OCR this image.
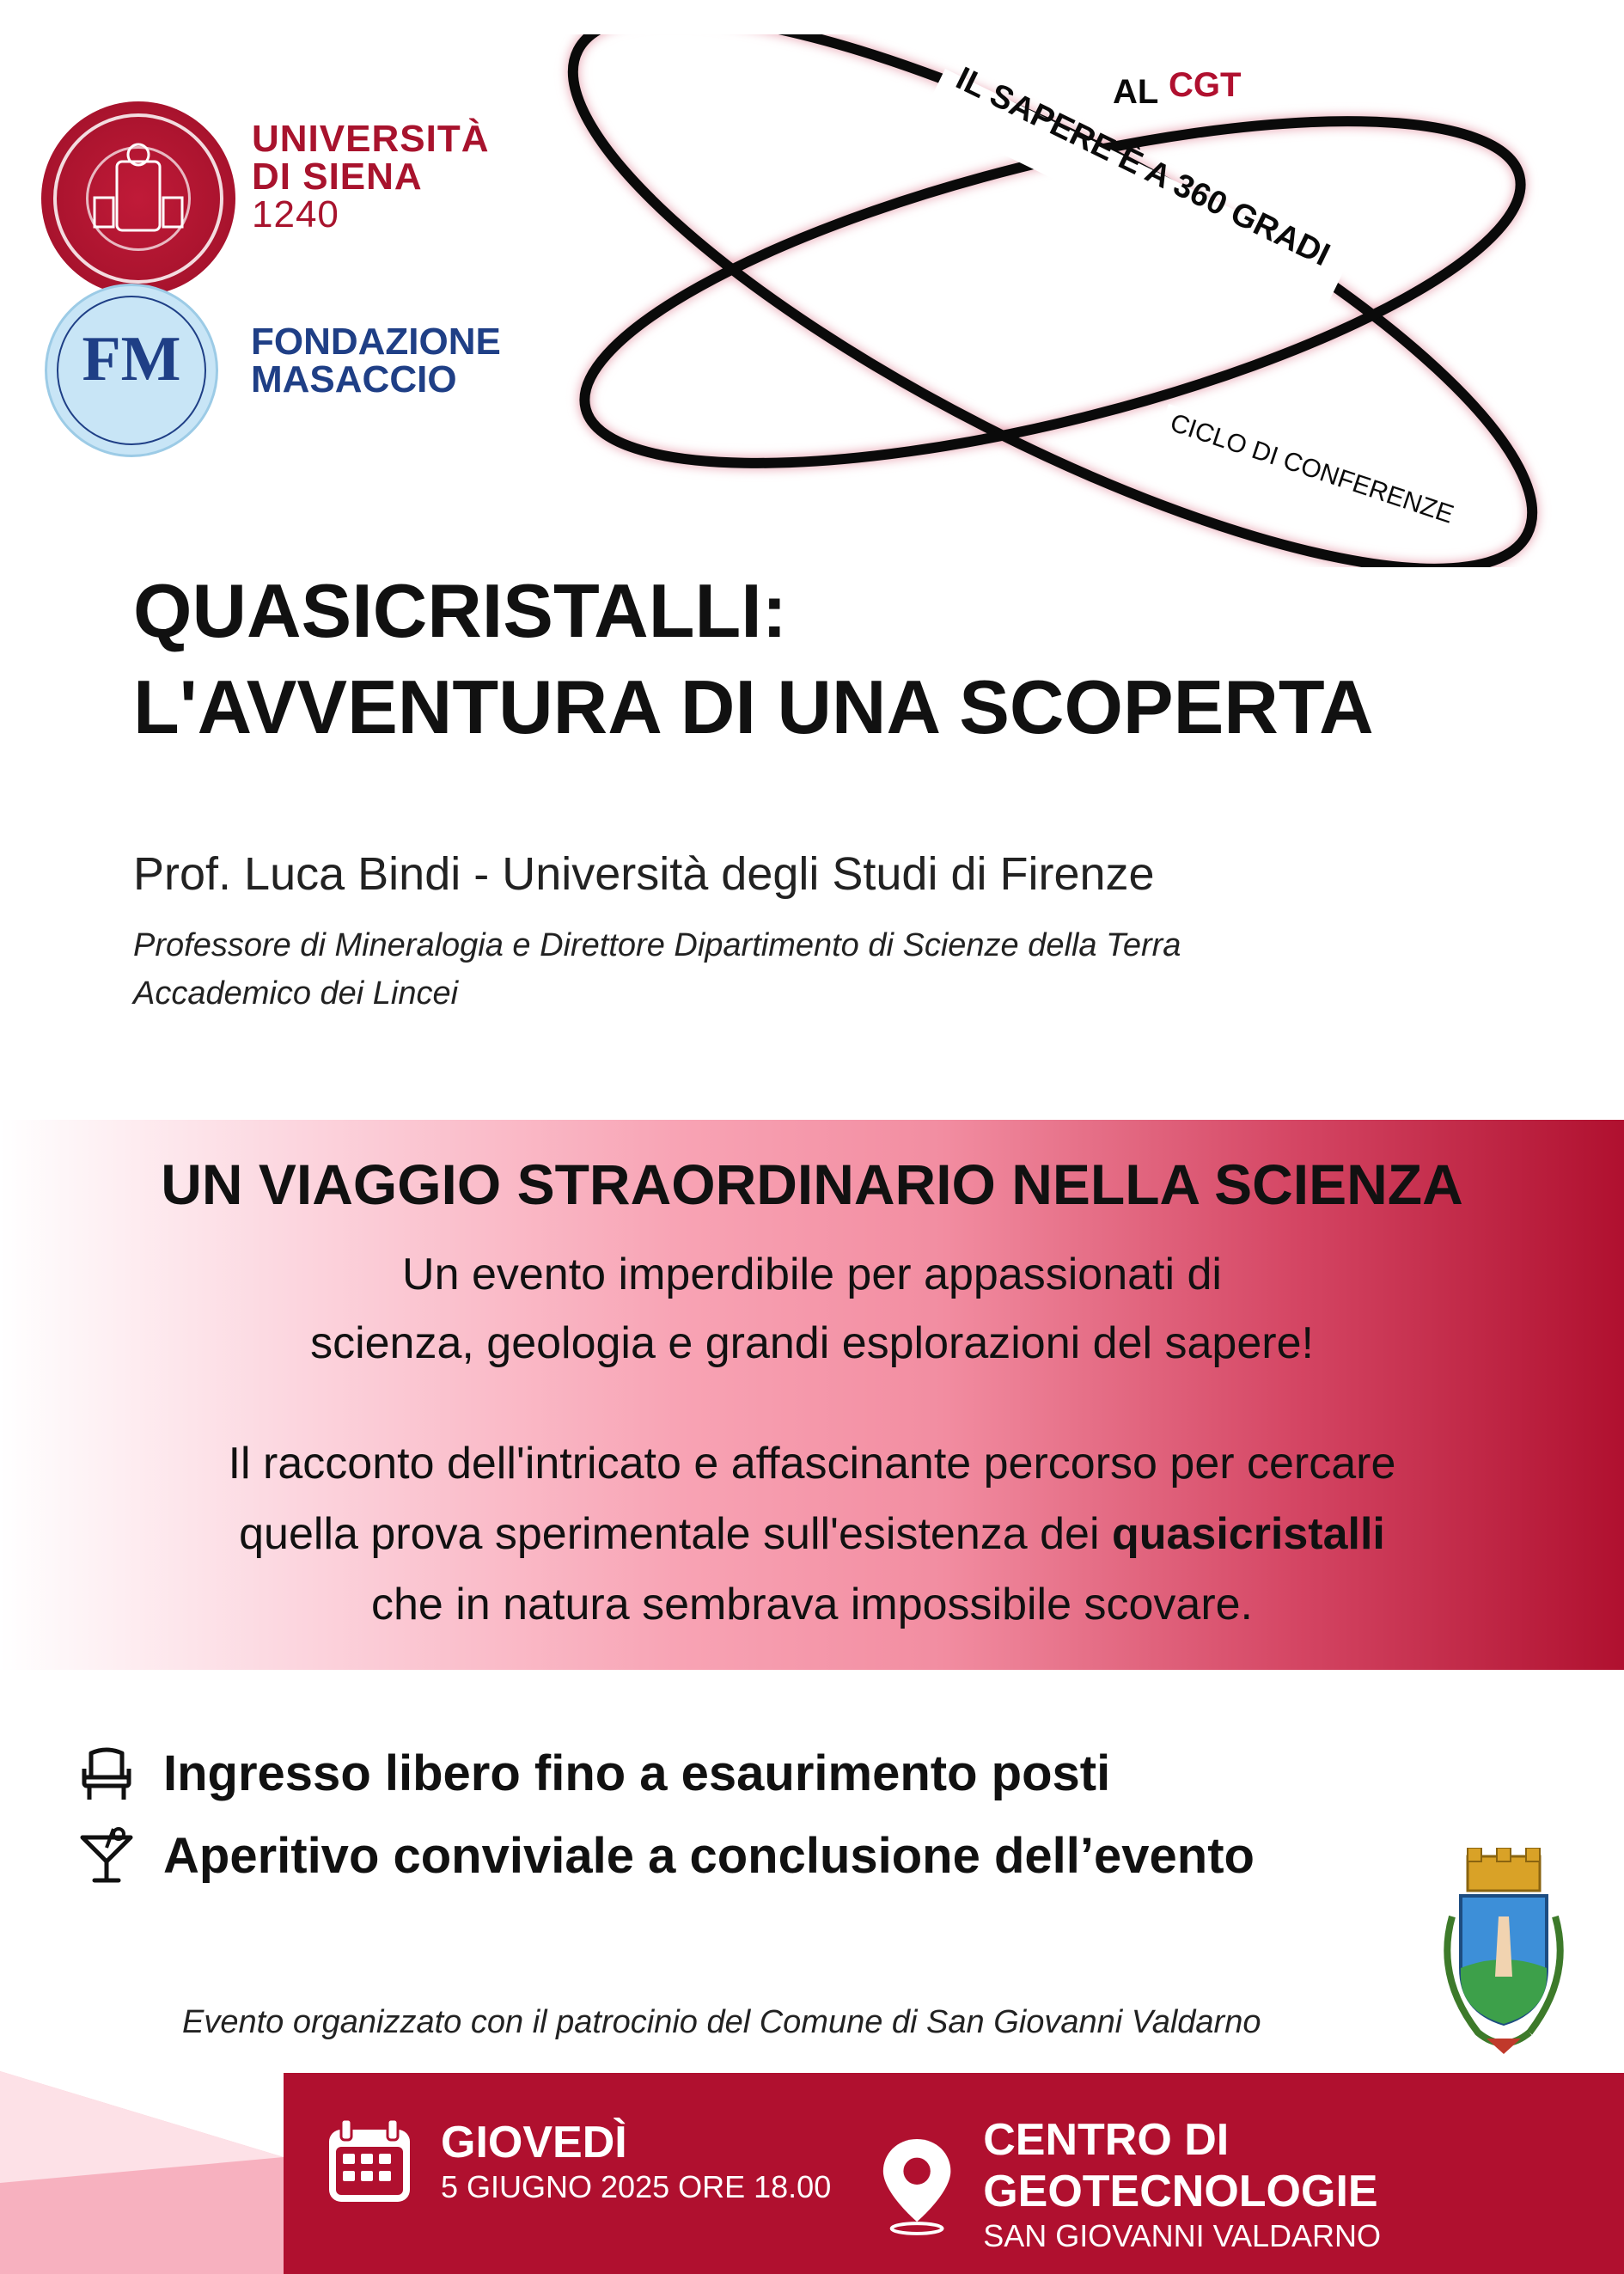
UNIVERSITÀ
DI SIENA
1240
FM	FONDAZIONE
MASACCIO
AL CGT
IL SAPERE È A 360 GRADI
CICLO DI CONFERENZE
QUASICRISTALLI:
L'AVVENTURA DI UNA SCOPERTA
Prof. Luca Bindi - Università degli Studi di Firenze
Professore di Mineralogia e Direttore Dipartimento di Scienze della Terra
Accademico dei Lincei
UN VIAGGIO STRAORDINARIO NELLA SCIENZA
Un evento imperdibile per appassionati di
scienza, geologia e grandi esplorazioni del sapere!
Il racconto dell'intricato e affascinante percorso per cercare
quella prova sperimentale sull'esistenza dei quasicristalli
che in natura sembrava impossibile scovare.
Ingresso libero fino a esaurimento posti
Aperitivo conviviale a conclusione dell’evento
Evento organizzato con il patrocinio del Comune di San Giovanni Valdarno
GIOVEDÌ
5 GIUGNO 2025 ORE 18.00
CENTRO DI GEOTECNOLOGIE
SAN GIOVANNI VALDARNO
